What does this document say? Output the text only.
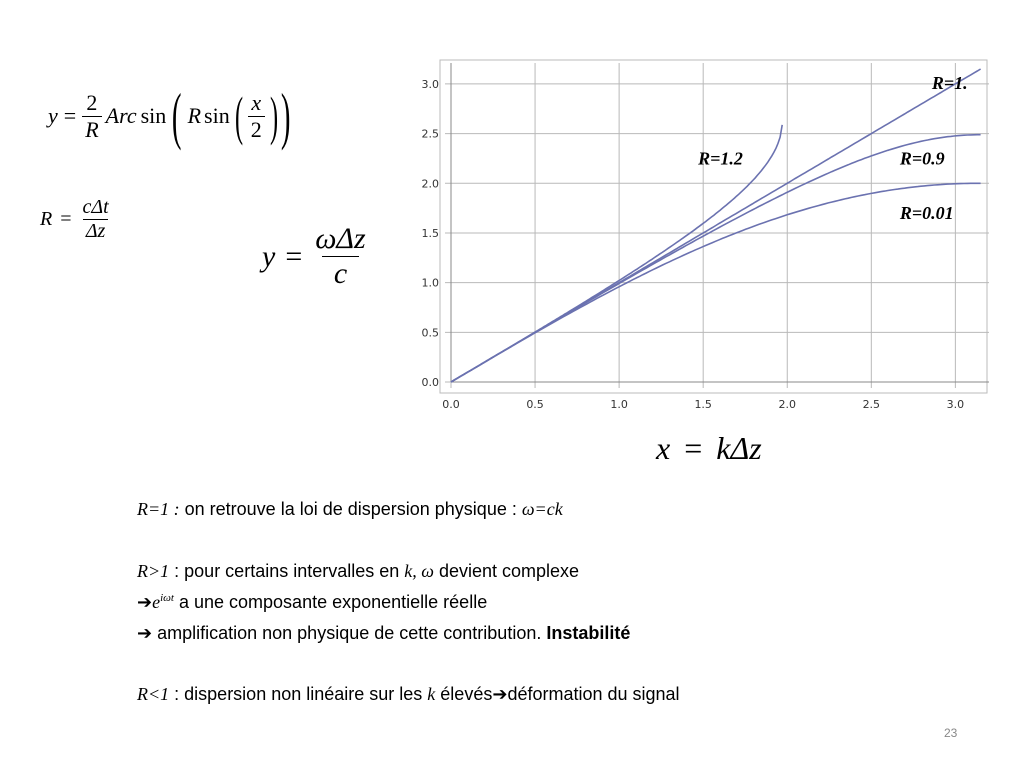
$y = \frac{2}{R}$ Arc sin ( R sin ( $\frac{x}{2}$ ) )
$R = \frac{\text{cΔt}}{\Delta z}$
$y = \frac{\text{ωΔz}}{c}$
0.0	0.5	1.0	1.5	2.0	2.5	3.0
0.0
0.5
1.0
1.5
2.0
2.5
3.0	R=1.
R=1.2	R=0.9
R=0.01
x = kΔz
R=1 : on retrouve la loi de dispersion physique : ω=ck
R>1 : pour certains intervalles en k, ω devient complexe
$➔e^{i\omega t}$ a une composante exponentielle réelle
➔ amplification non physique de cette contribution. Instabilité
R<1 : dispersion non linéaire sur les k élevés➔déformation du signal
23
